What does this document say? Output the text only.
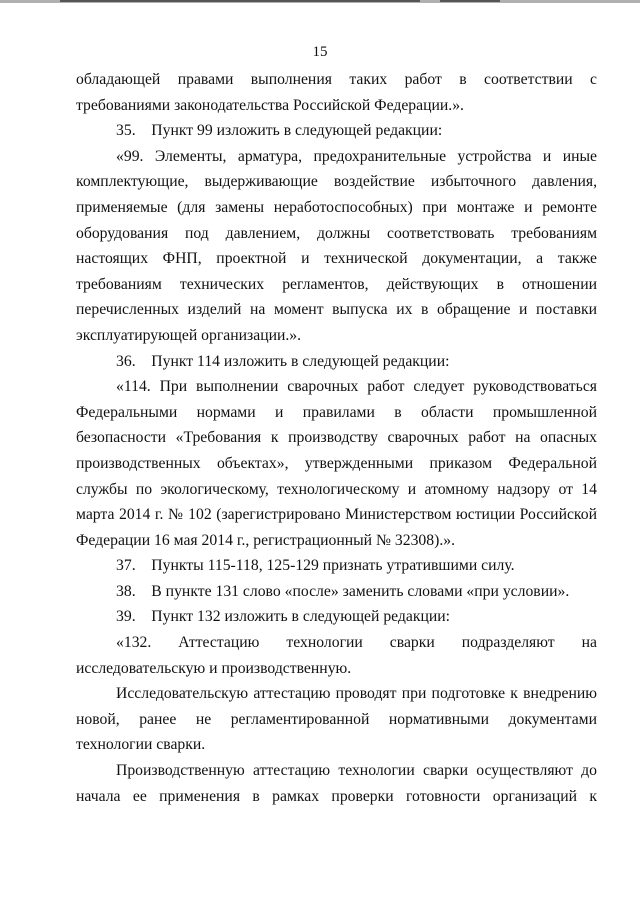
15

обладающей правами выполнения таких работ в соответствии с требованиями законодательства Российской Федерации.».

35. Пункт 99 изложить в следующей редакции:

«99. Элементы, арматура, предохранительные устройства и иные комплектующие, выдерживающие воздействие избыточного давления, применяемые (для замены неработоспособных) при монтаже и ремонте оборудования под давлением, должны соответствовать требованиям настоящих ФНП, проектной и технической документации, а также требованиям технических регламентов, действующих в отношении перечисленных изделий на момент выпуска их в обращение и поставки эксплуатирующей организации.».

36. Пункт 114 изложить в следующей редакции:

«114. При выполнении сварочных работ следует руководствоваться Федеральными нормами и правилами в области промышленной безопасности «Требования к производству сварочных работ на опасных производственных объектах», утвержденными приказом Федеральной службы по экологическому, технологическому и атомному надзору от 14 марта 2014 г. № 102 (зарегистрировано Министерством юстиции Российской Федерации 16 мая 2014 г., регистрационный № 32308).».

37. Пункты 115-118, 125-129 признать утратившими силу.

38. В пункте 131 слово «после» заменить словами «при условии».

39. Пункт 132 изложить в следующей редакции:

«132. Аттестацию технологии сварки подразделяют на исследовательскую и производственную.

Исследовательскую аттестацию проводят при подготовке к внедрению новой, ранее не регламентированной нормативными документами технологии сварки.

Производственную аттестацию технологии сварки осуществляют до начала ее применения в рамках проверки готовности организаций к
